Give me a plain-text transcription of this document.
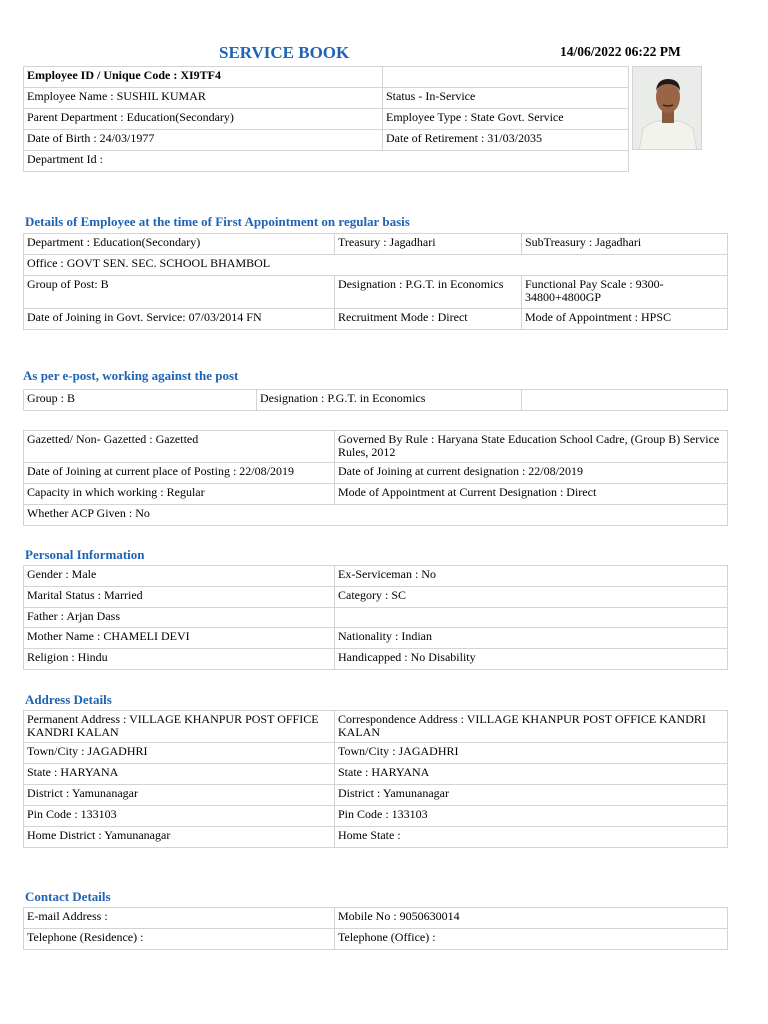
SERVICE BOOK	14/06/2022 06:22 PM
Employee ID / Unique Code : XI9TF4	
Employee Name : SUSHIL KUMAR	Status - In-Service
Parent Department : Education(Secondary)	Employee Type : State Govt. Service
Date of Birth : 24/03/1977	Date of Retirement : 31/03/2035
Department Id :	
Details of Employee at the time of First Appointment on regular basis
Department : Education(Secondary)	Treasury : Jagadhari	SubTreasury : Jagadhari
Office : GOVT SEN. SEC. SCHOOL BHAMBOL		
Group of Post: B	Designation : P.G.T. in Economics	Functional Pay Scale : 9300-34800+4800GP
Date of Joining in Govt. Service: 07/03/2014 FN	Recruitment Mode : Direct	Mode of Appointment : HPSC
As per e-post, working against the post
Group : B	Designation : P.G.T. in Economics	
Gazetted/ Non- Gazetted : Gazetted	Governed By Rule : Haryana State Education School Cadre, (Group B) Service Rules, 2012
Date of Joining at current place of Posting : 22/08/2019	Date of Joining at current designation : 22/08/2019
Capacity in which working : Regular	Mode of Appointment at Current Designation : Direct
Whether ACP Given : No	
Personal Information
Gender : Male	Ex-Serviceman : No
Marital Status : Married	Category : SC
Father : Arjan Dass	
Mother Name : CHAMELI DEVI	Nationality : Indian
Religion : Hindu	Handicapped : No Disability
Address Details
Permanent Address : VILLAGE KHANPUR POST OFFICE KANDRI KALAN	Correspondence Address : VILLAGE KHANPUR POST OFFICE KANDRI KALAN
Town/City : JAGADHRI	Town/City : JAGADHRI
State : HARYANA	State : HARYANA
District : Yamunanagar	District : Yamunanagar
Pin Code : 133103	Pin Code : 133103
Home District : Yamunanagar	Home State :
Contact Details
E-mail Address :	Mobile No : 9050630014
Telephone (Residence) :	Telephone (Office) :
